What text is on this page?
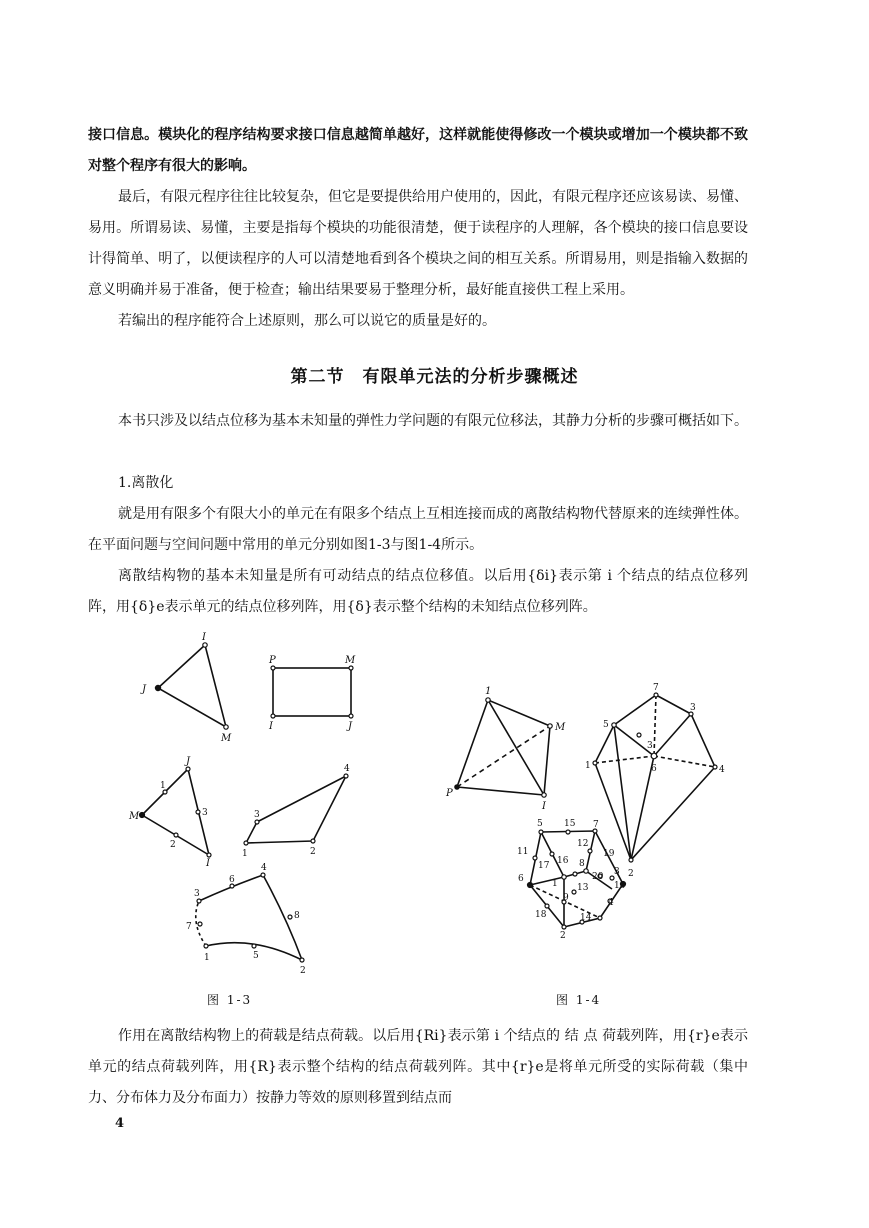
接口信息。模块化的程序结构要求接口信息越简单越好，这样就能使得修改一个模块或增加一个模块都不致对整个程序有很大的影响。

最后，有限元程序往往比较复杂，但它是要提供给用户使用的，因此，有限元程序还应该易读、易懂、易用。所谓易读、易懂，主要是指每个模块的功能很清楚，便于读程序的人理解，各个模块的接口信息要设计得简单、明了，以便读程序的人可以清楚地看到各个模块之间的相互关系。所谓易用，则是指输入数据的意义明确并易于准备，便于检查；输出结果要易于整理分析，最好能直接供工程上采用。

若编出的程序能符合上述原则，那么可以说它的质量是好的。

第二节　有限单元法的分析步骤概述

本书只涉及以结点位移为基本未知量的弹性力学问题的有限元位移法，其静力分析的步骤可概括如下。

1.离散化

就是用有限多个有限大小的单元在有限多个结点上互相连接而成的离散结构物代替原来的连续弹性体。在平面问题与空间问题中常用的单元分别如图1-3与图1-4所示。

离散结构物的基本未知量是所有可动结点的结点位移值。以后用{δi}表示第 i 个结点的结点位移列阵，用{δ}e表示单元的结点位移列阵，用{δ}表示整个结构的未知结点位移列阵。

I
J
M
P	M
I	J
J
M
I
1
2
3	3
4
2
1
3
6
4
8
7
1	5
2
图 1-3
1
M
P
I
7
3
5
3
6
1	4
2
5 15 7
11
12
19
17 16 8
6	1 13
20 3
10
9	4
18	14
2
图 1-4

作用在离散结构物上的荷载是结点荷载。以后用{Ri}表示第 i 个结点的 结 点 荷载列阵，用{r}e表示单元的结点荷载列阵，用{R}表示整个结构的结点荷载列阵。其中{r}e是将单元所受的实际荷载（集中力、分布体力及分布面力）按静力等效的原则移置到结点而

4
